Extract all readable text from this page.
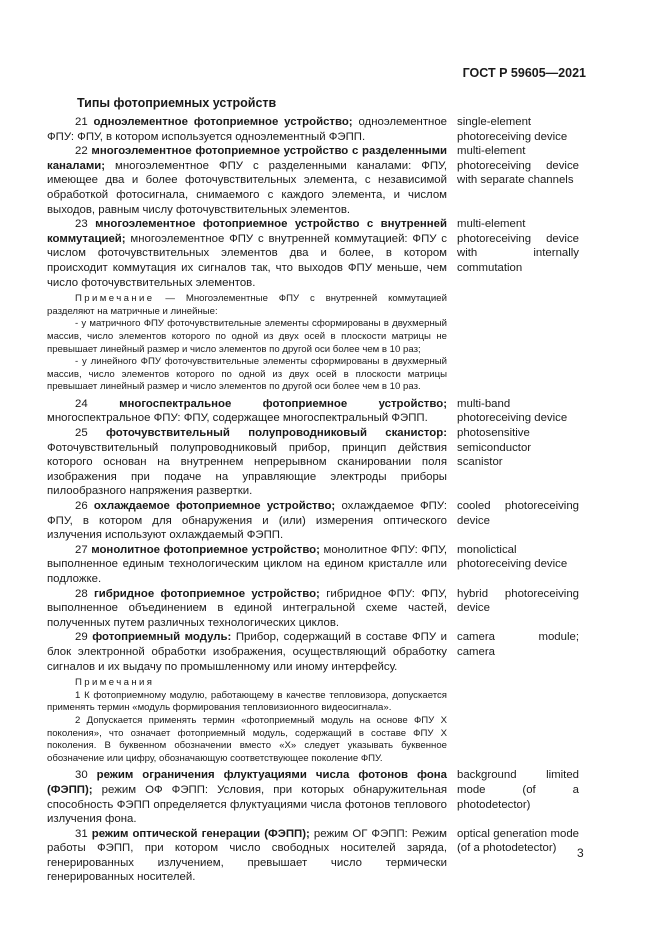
ГОСТ Р 59605—2021
Типы фотоприемных устройств
21 одноэлементное фотоприемное устройство; одноэлементное ФПУ: ФПУ, в котором используется одноэлементный ФЭПП.
single-element photoreceiving device
22 многоэлементное фотоприемное устройство с разделенными каналами; многоэлементное ФПУ с разделенными каналами: ФПУ, имеющее два и более фоточувствительных элемента, с независимой обработкой фотосигнала, снимаемого с каждого элемента, и числом выходов, равным числу фоточувствительных элементов.
multi-element photoreceiving device with separate channels
23 многоэлементное фотоприемное устройство с внутренней коммутацией; многоэлементное ФПУ с внутренней коммутацией: ФПУ с числом фоточувствительных элементов два и более, в котором происходит коммутация их сигналов так, что выходов ФПУ меньше, чем число фоточувствительных элементов.
multi-element photoreceiving device with internally commutation

Примечание — Многоэлементные ФПУ с внутренней коммутацией разделяют на матричные и линейные:

- у матричного ФПУ фоточувствительные элементы сформированы в двухмерный массив, число элементов которого по одной из двух осей в плоскости матрицы не превышает линейный размер и число элементов по другой оси более чем в 10 раз;

- у линейного ФПУ фоточувствительные элементы сформированы в двухмерный массив, число элементов которого по одной из двух осей в плоскости матрицы превышает линейный размер и число элементов по другой оси более чем в 10 раз.

24	многоспектральное фотоприемное устройство; многоспектральное ФПУ: ФПУ, содержащее многоспектральный ФЭПП.
multi-band photoreceiving device
25 фоточувствительный полупроводниковый сканистор: Фоточувствительный полупроводниковый прибор, принцип действия которого основан на внутреннем непрерывном сканировании поля изображения при подаче на управляющие электроды приборы пилообразного напряжения развертки.
photosensitive semiconductor scanistor
26 охлаждаемое фотоприемное устройство; охлаждаемое ФПУ: ФПУ, в котором для обнаружения и (или) измерения оптического излучения используют охлаждаемый ФЭПП.
cooled photoreceiving device
27 монолитное фотоприемное устройство; монолитное ФПУ: ФПУ, выполненное единым технологическим циклом на едином кристалле или подложке.
monolictical photoreceiving device
28 гибридное фотоприемное устройство; гибридное ФПУ: ФПУ, выполненное объединением в единой интегральной схеме частей, полученных путем различных технологических циклов.
hybrid photoreceiving device
29 фотоприемный модуль: Прибор, содержащий в составе ФПУ и блок электронной обработки изображения, осуществляющий обработку сигналов и их выдачу по промышленному или иному интерфейсу.
camera module; camera

Примечания

1 К фотоприемному модулю, работающему в качестве тепловизора, допускается применять термин «модуль формирования тепловизионного видеосигнала».

2 Допускается применять термин «фотоприемный модуль на основе ФПУ X поколения», что означает фотоприемный модуль, содержащий в составе ФПУ X поколения. В буквенном обозначении вместо «X» следует указывать буквенное обозначение или цифру, обозначающую соответствующее поколение ФПУ.

30 режим ограничения флуктуациями числа фотонов фона (ФЭПП); режим ОФ ФЭПП: Условия, при которых обнаружительная способность ФЭПП определяется флуктуациями числа фотонов теплового излучения фона.
background limited mode (of a photodetector)
31 режим оптической генерации (ФЭПП); режим ОГ ФЭПП: Режим работы ФЭПП, при котором число свободных носителей заряда, генерированных излучением, превышает число термически генерированных носителей.
optical generation mode (of a photodetector)	3
